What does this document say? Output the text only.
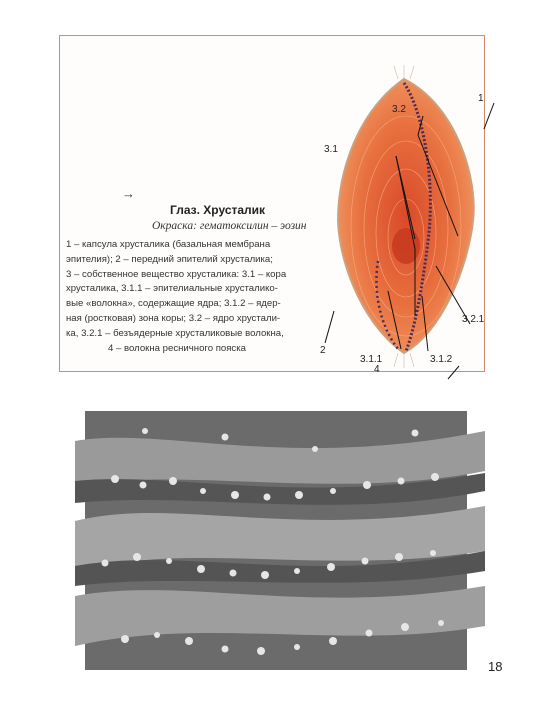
→
Глаз. Хрусталик
Окраска: гематоксилин – эозин
1 – капсула хрусталика (базальная мембрана
эпителия); 2 – передний эпителий хрусталика;
3 – собственное вещество хрусталика: 3.1 – кора
хрусталика, 3.1.1 – эпителиальные хрусталико-
вые «волокна», содержащие ядра; 3.1.2 – ядер-
ная (ростковая) зона коры; 3.2 – ядро хрустали-
ка, 3.2.1 – безъядерные хрусталиковые волокна,
4 – волокна ресничного пояска
1
3.2
3.1
3.2.1
2
3.1.1	3.1.2
4
18
